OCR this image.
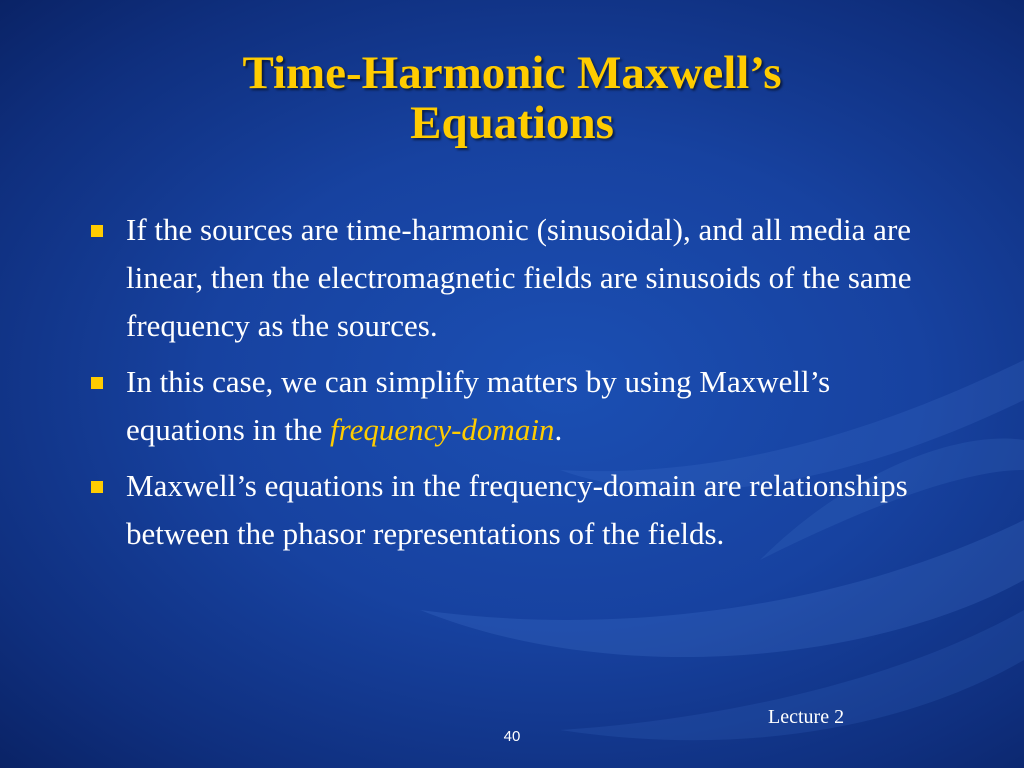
Time-Harmonic Maxwell’s
Equations
If the sources are time-harmonic (sinusoidal), and all media are linear, then the electromagnetic fields are sinusoids of the same frequency as the sources.
In this case, we can simplify matters by using Maxwell’s equations in the frequency-domain.
Maxwell’s equations in the frequency-domain are relationships between the phasor representations of the fields.
Lecture 2
40
